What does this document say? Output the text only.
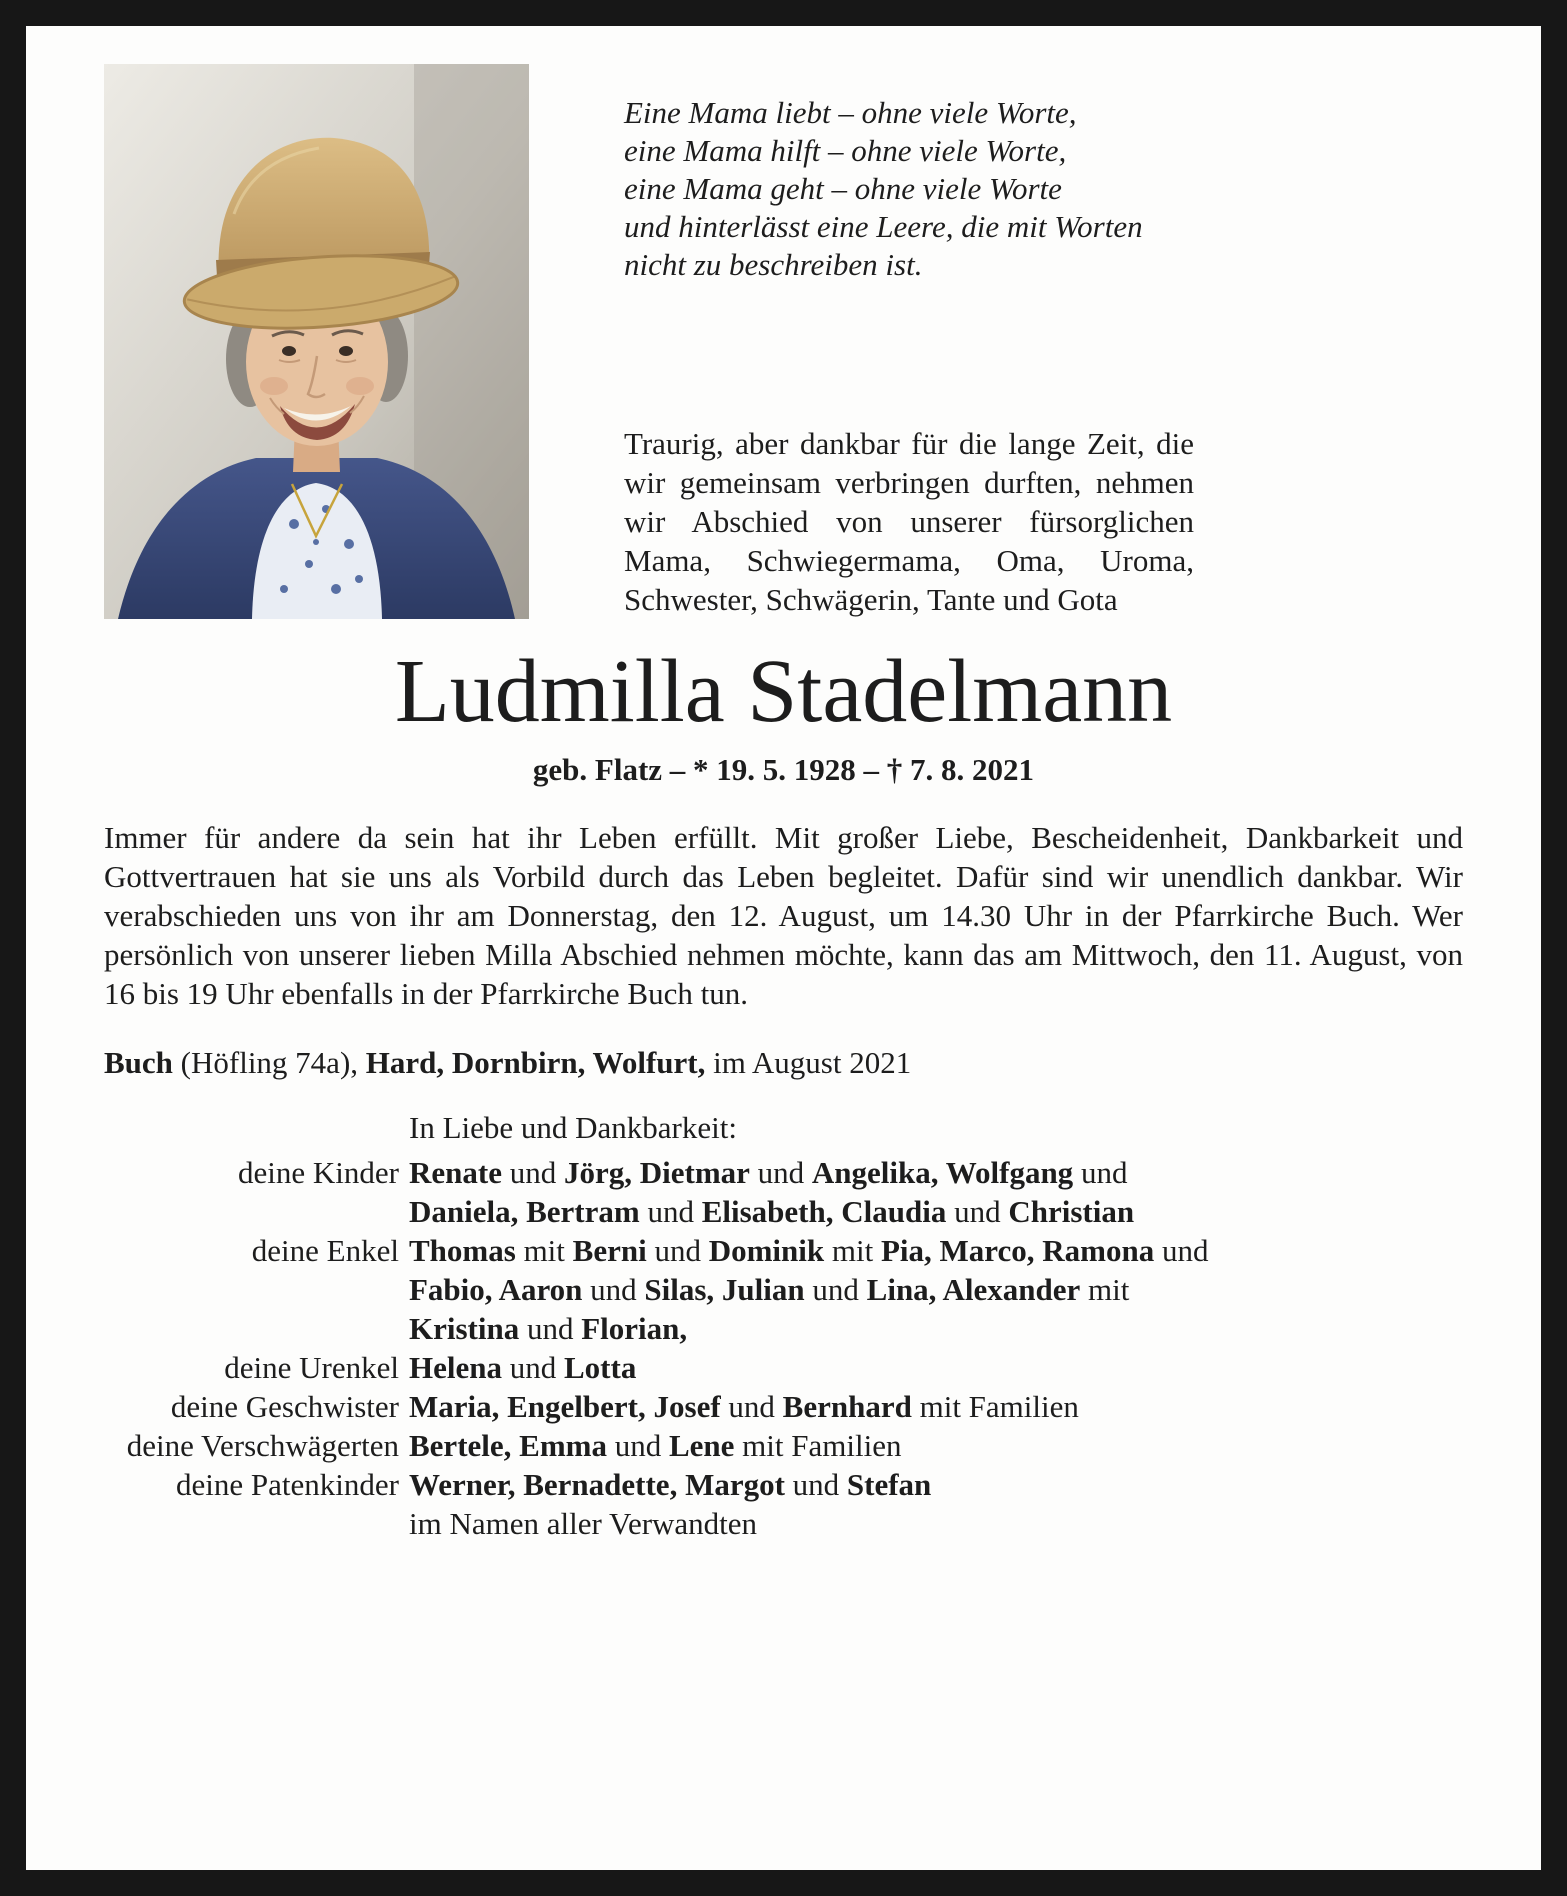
Eine Mama liebt – ohne viele Worte,
eine Mama hilft – ohne viele Worte,
eine Mama geht – ohne viele Worte
und hinterlässt eine Leere, die mit Worten
nicht zu beschreiben ist.

Traurig, aber dankbar für die lange Zeit, die wir gemeinsam verbringen durften, nehmen wir Abschied von unserer fürsorglichen Mama, Schwiegermama, Oma, Uroma, Schwester, Schwägerin, Tante und Gota

Ludmilla Stadelmann
geb. Flatz – * 19. 5. 1928 – † 7. 8. 2021

Immer für andere da sein hat ihr Leben erfüllt. Mit großer Liebe, Bescheidenheit, Dankbarkeit und Gottvertrauen hat sie uns als Vorbild durch das Leben begleitet. Dafür sind wir unendlich dankbar. Wir verabschieden uns von ihr am Donnerstag, den 12. August, um 14.30 Uhr in der Pfarrkirche Buch. Wer persönlich von unserer lieben Milla Abschied nehmen möchte, kann das am Mittwoch, den 11. August, von 16 bis 19 Uhr ebenfalls in der Pfarrkirche Buch tun.

Buch (Höfling 74a), Hard, Dornbirn, Wolfurt, im August 2021

In Liebe und Dankbarkeit:
deine Kinder Renate und Jörg, Dietmar und Angelika, Wolfgang und Daniela, Bertram und Elisabeth, Claudia und Christian
deine Enkel Thomas mit Berni und Dominik mit Pia, Marco, Ramona und Fabio, Aaron und Silas, Julian und Lina, Alexander mit Kristina und Florian,
deine Urenkel Helena und Lotta
deine Geschwister Maria, Engelbert, Josef und Bernhard mit Familien
deine Verschwägerten Bertele, Emma und Lene mit Familien
deine Patenkinder Werner, Bernadette, Margot und Stefan
im Namen aller Verwandten
